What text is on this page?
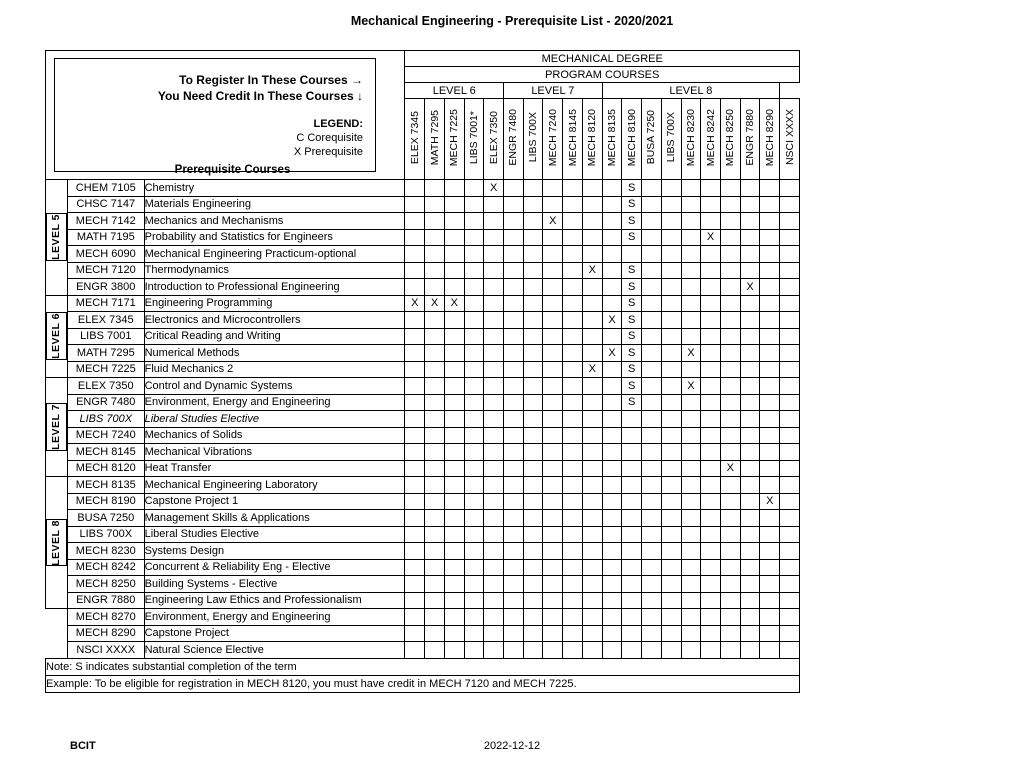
Mechanical Engineering - Prerequisite List - 2020/2021
To Register In These Courses →
You Need Credit In These Courses ↓
LEGEND:
C Corequisite
X Prerequisite
Prerequisite Courses
	MECHANICAL DEGREE
			PROGRAM COURSES																			
			LEVEL 6					LEVEL 7					LEVEL 8									
			ELEX 7345	MATH 7295	MECH 7225	LIBS 7001*	ELEX 7350	ENGR 7480	LIBS 700X	MECH 7240	MECH 8145	MECH 8120	MECH 8135	MECH 8190	BUSA 7250	LIBS 700X	MECH 8230	MECH 8242	MECH 8250	ENGR 7880	MECH 8290	NSCI XXXX

LEVEL 5	CHEM 7105	Chemistry					X							S								
	CHSC 7147	Materials Engineering												S								
	MECH 7142	Mechanics and Mechanisms								X				S								
	MATH 7195	Probability and Statistics for Engineers												S				X				
	MECH 6090	Mechanical Engineering Practicum-optional																				
	MECH 7120	Thermodynamics										X		S								
	ENGR 3800	Introduction to Professional Engineering												S						X		

LEVEL 6	MECH 7171	Engineering Programming	X	X	X									S								
	ELEX 7345	Electronics and Microcontrollers											X	S								
	LIBS 7001	Critical Reading and Writing												S								
	MATH 7295	Numerical Methods											X	S			X					
	MECH 7225	Fluid Mechanics 2										X		S								

LEVEL 7	ELEX 7350	Control and Dynamic Systems												S			X					
	ENGR 7480	Environment, Energy and Engineering												S								
	LIBS 700X	Liberal Studies Elective																				
	MECH 7240	Mechanics of Solids																				
	MECH 8145	Mechanical Vibrations																				
	MECH 8120	Heat Transfer																	X			

LEVEL 8	MECH 8135	Mechanical Engineering Laboratory																				
	MECH 8190	Capstone Project 1																			X	
	BUSA 7250	Management Skills & Applications																				
	LIBS 700X	Liberal Studies Elective																				
	MECH 8230	Systems Design																				
	MECH 8242	Concurrent & Reliability Eng - Elective																				
	MECH 8250	Building Systems - Elective																				
	ENGR 7880	Engineering Law Ethics and Professionalism																				
	MECH 8270	Environment, Energy and Engineering																				
	MECH 8290	Capstone Project																				
	NSCI XXXX	Natural Science Elective																				
Note: S indicates substantial completion of the term																						
Example: To be eligible for registration in MECH 8120, you must have credit in MECH 7120 and MECH 7225.																						
BCIT	2022-12-12
